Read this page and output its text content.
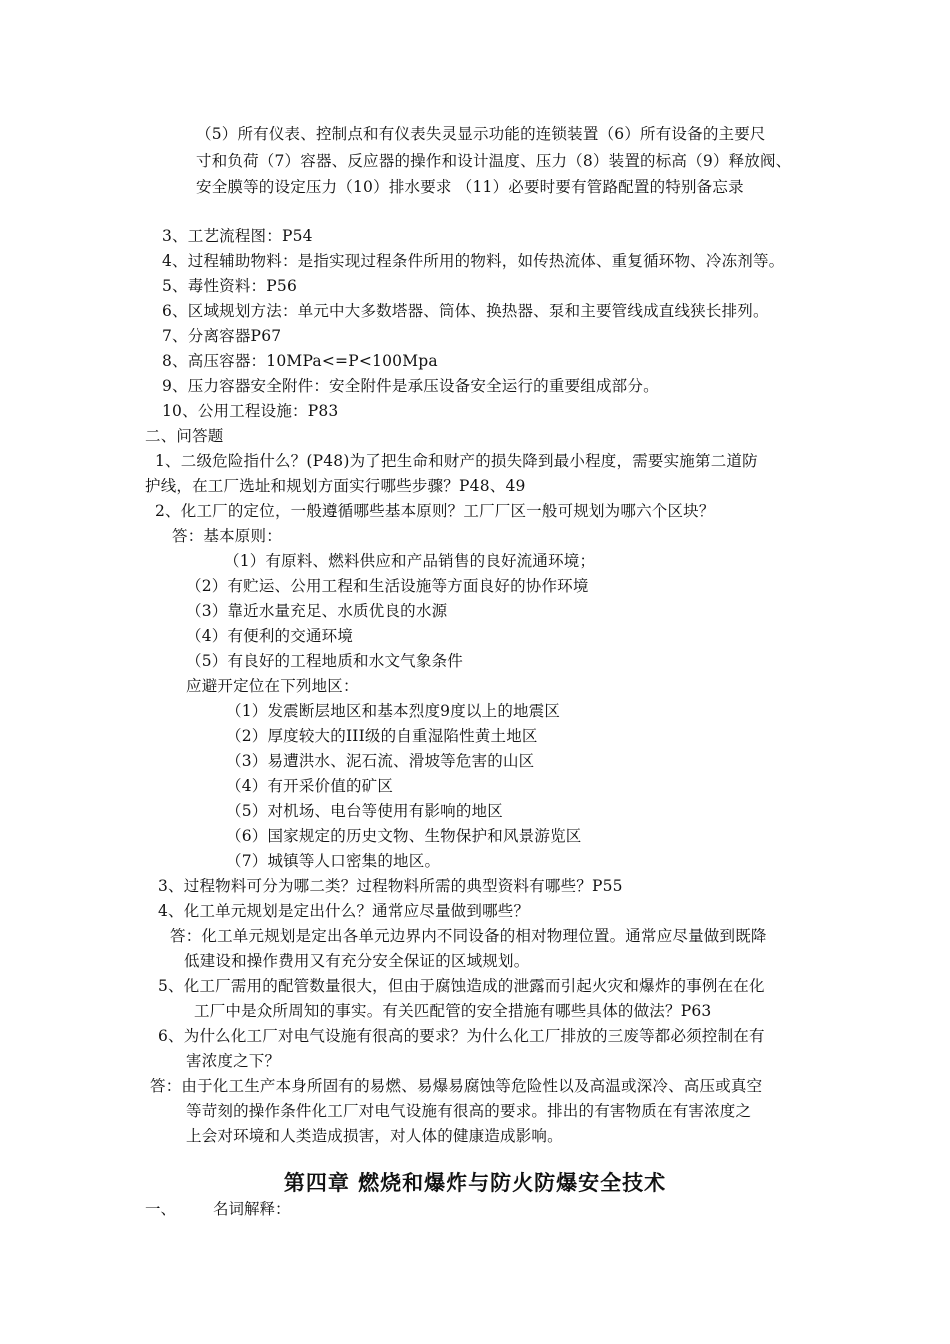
（5）所有仪表、控制点和有仪表失灵显示功能的连锁装置（6）所有设备的主要尺
寸和负荷（7）容器、反应器的操作和设计温度、压力（8）装置的标高（9）释放阀、
安全膜等的设定压力（10）排水要求 （11）必要时要有管路配置的特别备忘录
3、工艺流程图：P54
4、过程辅助物料：是指实现过程条件所用的物料，如传热流体、重复循环物、冷冻剂等。
5、毒性资料：P56
6、区域规划方法：单元中大多数塔器、筒体、换热器、泵和主要管线成直线狭长排列。
7、分离容器P67
8、高压容器：10MPa<=P<100Mpa
9、压力容器安全附件：安全附件是承压设备安全运行的重要组成部分。
10、公用工程设施：P83
二、问答题
1、二级危险指什么？(P48)为了把生命和财产的损失降到最小程度，需要实施第二道防
护线，在工厂选址和规划方面实行哪些步骤？P48、49
2、化工厂的定位，一般遵循哪些基本原则？工厂厂区一般可规划为哪六个区块？
答：基本原则：
（1）有原料、燃料供应和产品销售的良好流通环境；
（2）有贮运、公用工程和生活设施等方面良好的协作环境
（3）靠近水量充足、水质优良的水源
（4）有便利的交通环境
（5）有良好的工程地质和水文气象条件
应避开定位在下列地区：
（1）发震断层地区和基本烈度9度以上的地震区
（2）厚度较大的III级的自重湿陷性黄土地区
（3）易遭洪水、泥石流、滑坡等危害的山区
（4）有开采价值的矿区
（5）对机场、电台等使用有影响的地区
（6）国家规定的历史文物、生物保护和风景游览区
（7）城镇等人口密集的地区。
3、过程物料可分为哪二类？过程物料所需的典型资料有哪些？P55
4、化工单元规划是定出什么？通常应尽量做到哪些？
答：化工单元规划是定出各单元边界内不同设备的相对物理位置。通常应尽量做到既降
低建设和操作费用又有充分安全保证的区域规划。
5、化工厂需用的配管数量很大，但由于腐蚀造成的泄露而引起火灾和爆炸的事例在在化
工厂中是众所周知的事实。有关匹配管的安全措施有哪些具体的做法？P63
6、为什么化工厂对电气设施有很高的要求？为什么化工厂排放的三废等都必须控制在有
害浓度之下？
答：由于化工生产本身所固有的易燃、易爆易腐蚀等危险性以及高温或深冷、高压或真空
等苛刻的操作条件化工厂对电气设施有很高的要求。排出的有害物质在有害浓度之
上会对环境和人类造成损害，对人体的健康造成影响。
第四章 燃烧和爆炸与防火防爆安全技术
一、 名词解释：
